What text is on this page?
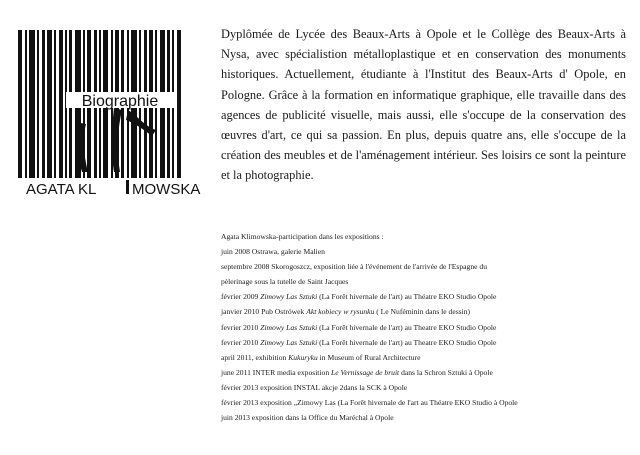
Biographie
AGATA KL MOWSKA

Dyplômée de Lycée des Beaux-Arts à Opole et le Collège des Beaux-Arts à Nysa, avec spécialistion métalloplastique et en conservation des monuments historiques. Actuellement, étudiante à l'Institut des Beaux-Arts d' Opole, en Pologne. Grâce à la formation en informatique graphique, elle travaille dans des agences de publicité visuelle, mais aussi, elle s'occupe de la conservation des œuvres d'art, ce qui sa passion. En plus, depuis quatre ans, elle s'occupe de la création des meubles et de l'aménagement intérieur. Ses loisirs ce sont la peinture et la photographie.

Agata Klimowska-participation dans les expositions :
juin 2008 Ostrawa, galerie Malien
septembre 2008 Skorogoszcz, exposition liée à l'événement de l'arrivée de l'Espagne du
pèlerinage sous la tutelle de Saint Jacques
février 2009 Zimowy Las Sztuki (La Forêt hivernale de l'art) au Théatre EKO Studio Opole
janvier 2010 Pub Ostrówek Akt kobiecy w rysunku ( Le Nuféminin dans le dessin)
fevrier 2010 Zimowy Las Sztuki (La Forêt hivernale de l'art) au Theatre EKO Studio Opole
fevrier 2010 Zimowy Las Sztuki (La Forêt hivernale de l'art) au Theatre EKO Studio Opole
april 2011, exhibition Kukuryku in Museum of Rural Architecture
june 2011 INTER media exposition Le Vernissage de bruit dans la Schron Sztuki à Opole
février 2013 exposition INSTAL akcje 2dans la SCK à Opole
février 2013 exposition „Zimowy Las (La Forêt hivernale de l'art au Théatre EKO Studio à Opole
juin 2013 exposition dans la Office du Maréchal à Opole
